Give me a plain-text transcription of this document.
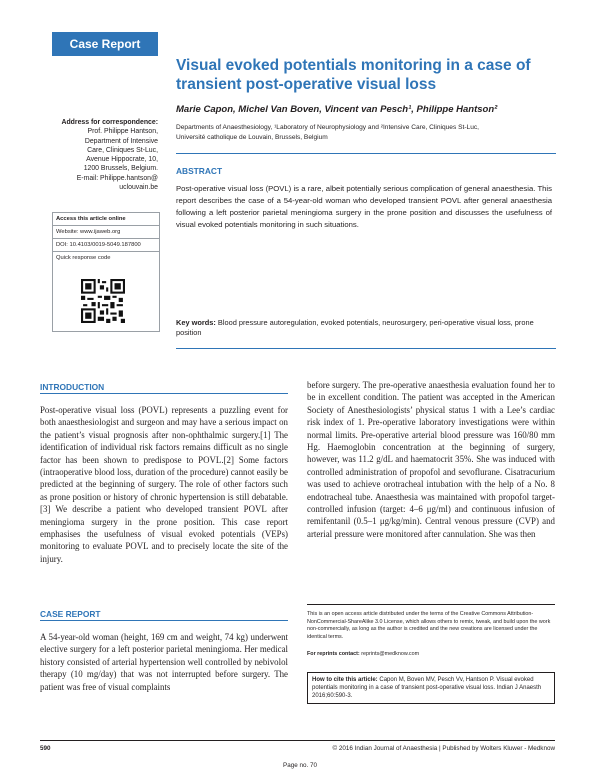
Case Report
Visual evoked potentials monitoring in a case of transient post-operative visual loss
Marie Capon, Michel Van Boven, Vincent van Pesch¹, Philippe Hantson²
Departments of Anaesthesiology, ¹Laboratory of Neurophysiology and ²Intensive Care, Cliniques St-Luc,
Université catholique de Louvain, Brussels, Belgium
ABSTRACT
Post-operative visual loss (POVL) is a rare, albeit potentially serious complication of general anaesthesia. This report describes the case of a 54-year-old woman who developed transient POVL after general anaesthesia following a left posterior parietal meningioma surgery in the prone position and discusses the usefulness of visual evoked potentials monitoring in such situations.
Address for correspondence:
Prof. Philippe Hantson,
Department of Intensive
Care, Cliniques St-Luc,
Avenue Hippocrate, 10,
1200 Brussels, Belgium.
E-mail: Philippe.hantson@
uclouvain.be
Access this article online
Website: www.ijaweb.org
DOI: 10.4103/0019-5049.187800
Quick response code
Key words: Blood pressure autoregulation, evoked potentials, neurosurgery, peri-operative visual loss, prone position
INTRODUCTION
Post-operative visual loss (POVL) represents a puzzling event for both anaesthesiologist and surgeon and may have a serious impact on the patient’s visual prognosis after non-ophthalmic surgery.[1] The identification of individual risk factors remains difficult as no single factor has been shown to predispose to POVL.[2] Some factors (intraoperative blood loss, duration of the procedure) cannot easily be predicted at the beginning of surgery. The role of other factors such as prone position or history of chronic hypertension is still debatable.[3] We describe a patient who developed transient POVL after meningioma surgery in the prone position. This case report emphasises the usefulness of visual evoked potentials (VEPs) monitoring to evaluate POVL and to precisely locate the site of the injury.
CASE REPORT
A 54-year-old woman (height, 169 cm and weight, 74 kg) underwent elective surgery for a left posterior parietal meningioma. Her medical history consisted of arterial hypertension well controlled by nebivolol therapy (10 mg/day) that was not interrupted before surgery. The patient was free of visual complaints
before surgery. The pre-operative anaesthesia evaluation found her to be in excellent condition. The patient was accepted in the American Society of Anesthesiologists’ physical status 1 with a Lee’s cardiac risk index of 1. Pre-operative laboratory investigations were within normal limits. Pre-operative arterial blood pressure was 160/80 mm Hg. Haemoglobin concentration at the beginning of surgery, however, was 11.2 g/dL and haematocrit 35%. She was induced with controlled administration of propofol and sevoflurane. Cisatracurium was used to achieve orotracheal intubation with the help of a No. 8 endotracheal tube. Anaesthesia was maintained with propofol target-controlled infusion (target: 4–6 μg/ml) and continuous infusion of remifentanil (0.5–1 μg/kg/min). Central venous pressure (CVP) and arterial pressure were monitored after cannulation. She was then
This is an open access article distributed under the terms of the Creative Commons Attribution-NonCommercial-ShareAlike 3.0 License, which allows others to remix, tweak, and build upon the work non-commercially, as long as the author is credited and the new creations are licensed under the identical terms.
For reprints contact: reprints@medknow.com
How to cite this article: Capon M, Boven MV, Pesch Vv, Hantson P. Visual evoked potentials monitoring in a case of transient post-operative visual loss. Indian J Anaesth 2016;60:590-3.
590	© 2016 Indian Journal of Anaesthesia | Published by Wolters Kluwer - Medknow
Page no. 70
